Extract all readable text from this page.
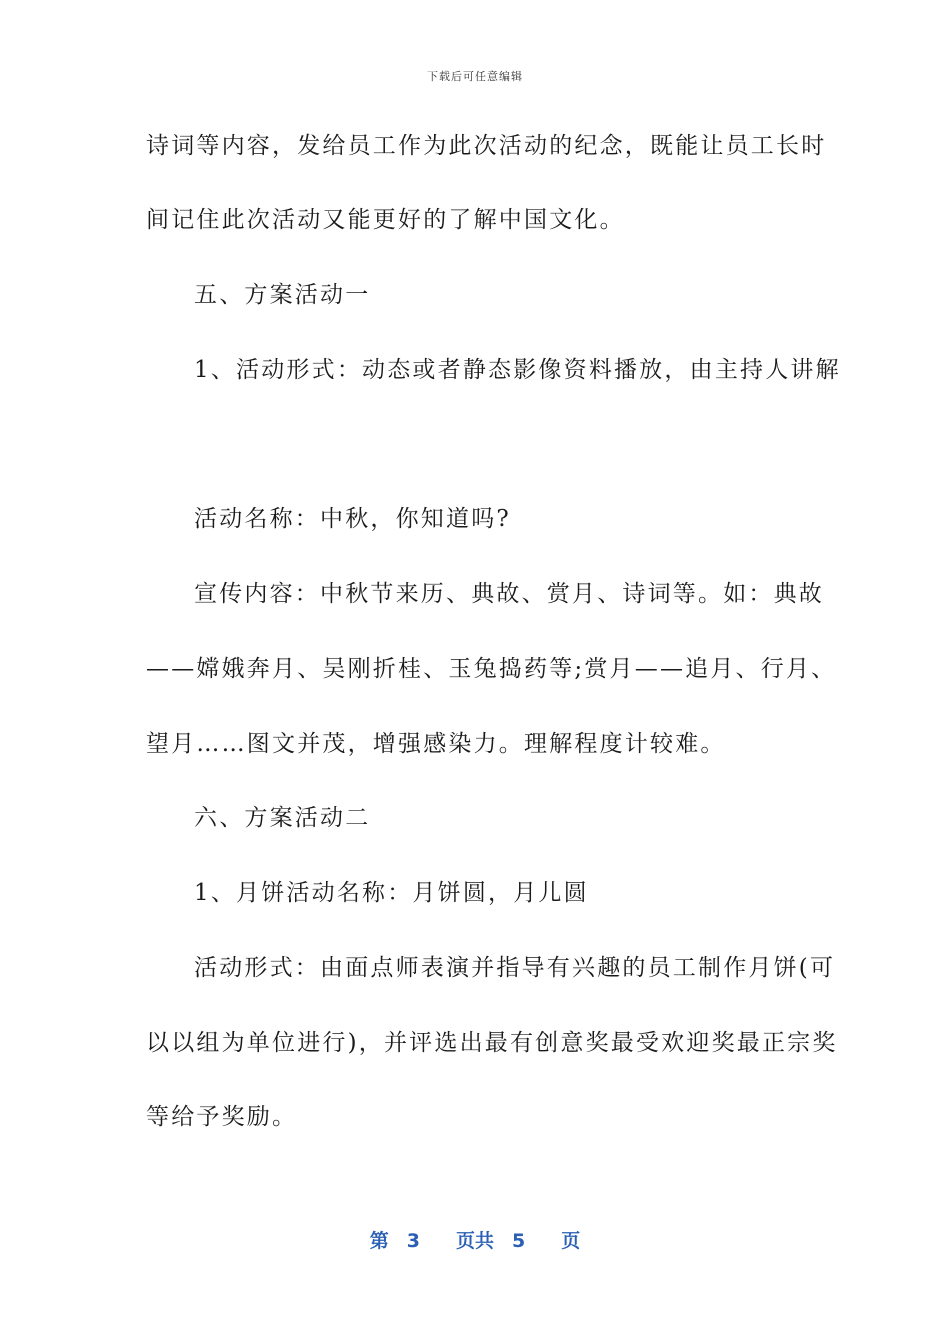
下载后可任意编辑
诗词等内容，发给员工作为此次活动的纪念，既能让员工长时
间记住此次活动又能更好的了解中国文化。
五、方案活动一
1、活动形式：动态或者静态影像资料播放，由主持人讲解
活动名称：中秋，你知道吗?
宣传内容：中秋节来历、典故、赏月、诗词等。如：典故
——嫦娥奔月、吴刚折桂、玉兔捣药等;赏月——追月、行月、
望月……图文并茂，增强感染力。理解程度计较难。
六、方案活动二
1、月饼活动名称：月饼圆，月儿圆
活动形式：由面点师表演并指导有兴趣的员工制作月饼(可
以以组为单位进行)，并评选出最有创意奖最受欢迎奖最正宗奖
等给予奖励。
第 3 页共 5 页
